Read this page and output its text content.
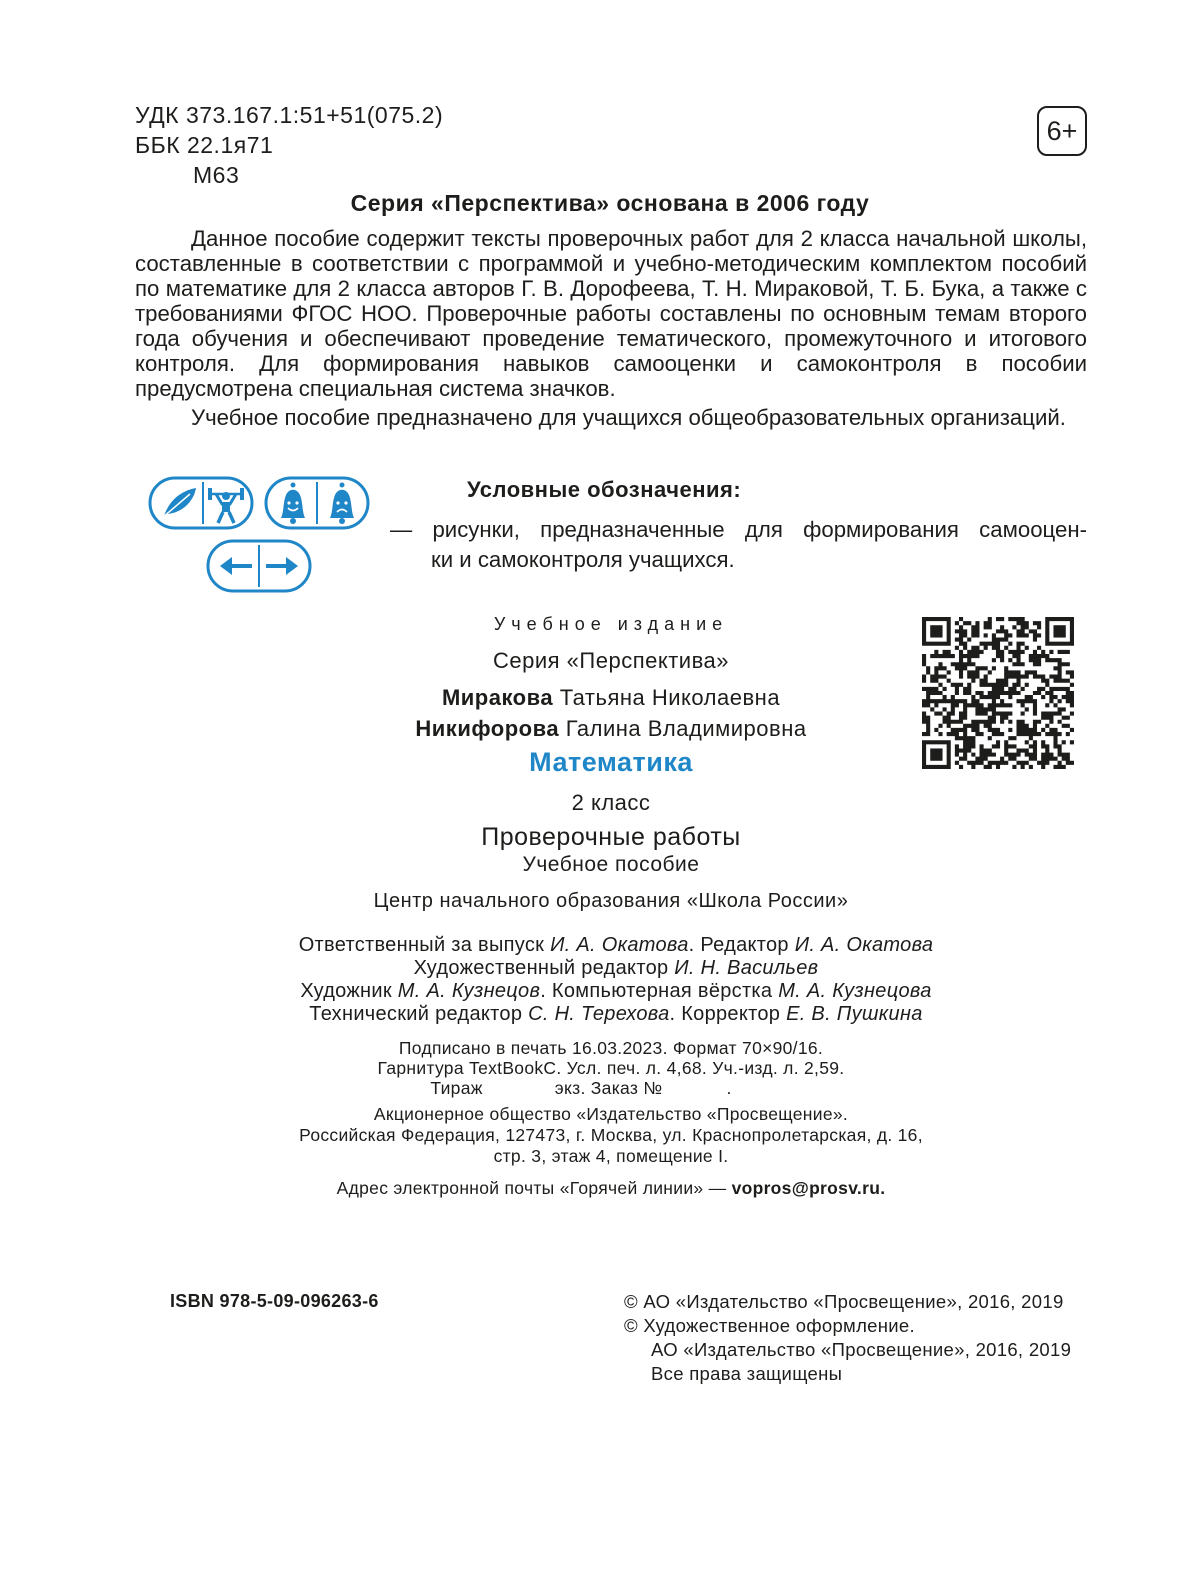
УДК 373.167.1:51+51(075.2)
ББК 22.1я71
М63
6+
Серия «Перспектива» основана в 2006 году

Данное пособие содержит тексты проверочных работ для 2 класса начальной школы, составленные в соответствии с программой и учебно-методическим комплектом пособий по математике для 2 класса авторов Г. В. Дорофеева, Т. Н. Мираковой, Т. Б. Бука, а также с требованиями ФГОС НОО. Проверочные работы составлены по основным темам второго года обучения и обеспечивают проведение тематического, промежуточного и итогового контроля. Для формирования навыков самооценки и самоконтроля в пособии предусмотрена специальная система значков.

Учебное пособие предназначено для учащихся общеобразовательных организаций.

Условные обозначения:
— рисунки, предназначенные для формирования самооцен-
ки и самоконтроля учащихся.
Учебное издание
Серия «Перспектива»
Миракова Татьяна Николаевна
Никифорова Галина Владимировна
Математика
2 класс
Проверочные работы
Учебное пособие
Центр начального образования «Школа России»
Ответственный за выпуск И. А. Окатова. Редактор И. А. Окатова
Художественный редактор И. Н. Васильев
Художник М. А. Кузнецов. Компьютерная вёрстка М. А. Кузнецова
Технический редактор С. Н. Терехова. Корректор Е. В. Пушкина
Подписано в печать 16.03.2023. Формат 70×90/16.
Гарнитура TextBookC. Усл. печ. л. 4,68. Уч.-изд. л. 2,59.
Тираж	экз. Заказ №	.
Акционерное общество «Издательство «Просвещение».
Российская Федерация, 127473, г. Москва, ул. Краснопролетарская, д. 16,
стр. 3, этаж 4, помещение I.
Адрес электронной почты «Горячей линии» — vopros@prosv.ru.
ISBN 978-5-09-096263-6	© АО «Издательство «Просвещение», 2016, 2019
© Художественное оформление.
АО «Издательство «Просвещение», 2016, 2019
Все права защищены
